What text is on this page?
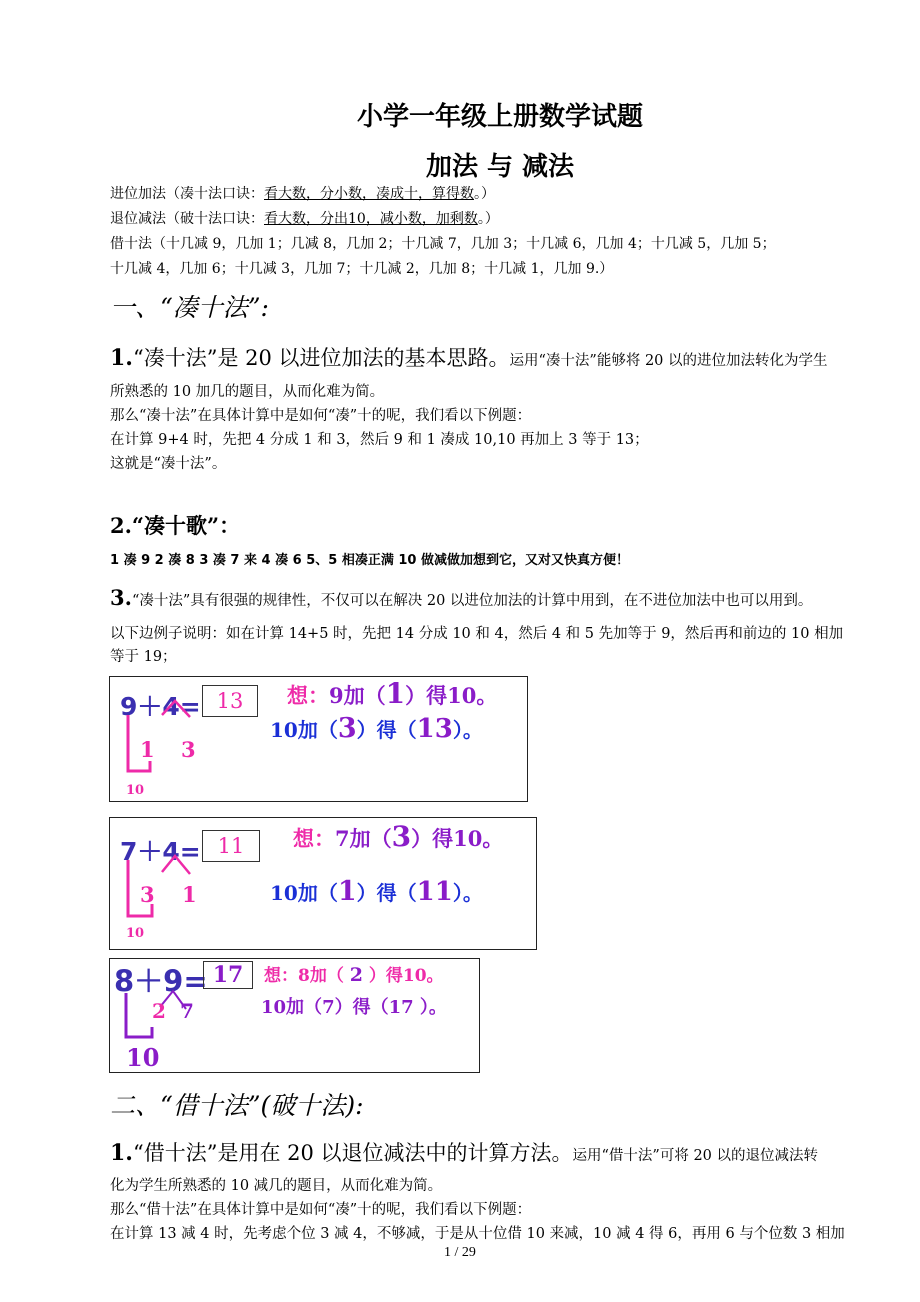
小学一年级上册数学试题
加法 与 减法
进位加法（凑十法口诀：看大数，分小数，凑成十，算得数。）
退位减法（破十法口诀：看大数，分出10，减小数，加剩数。）
借十法（十几减 9，几加 1；几减 8，几加 2；十几减 7，几加 3；十几减 6，几加 4；十几减 5，几加 5；
十几减 4，几加 6；十几减 3，几加 7；十几减 2，几加 8；十几减 1，几加 9.）
一、“凑十法”:
1.“凑十法”是 20 以进位加法的基本思路。运用“凑十法”能够将 20 以的进位加法转化为学生
所熟悉的 10 加几的题目，从而化难为简。
那么“凑十法”在具体计算中是如何“凑”十的呢，我们看以下例题：
在计算 9+4 时，先把 4 分成 1 和 3，然后 9 和 1 凑成 10,10 再加上 3 等于 13；
这就是“凑十法”。
2.“凑十歌”：
1 凑 9 2 凑 8 3 凑 7 来 4 凑 6 5、5 相凑正满 10 做减做加想到它，又对又快真方便！
3.“凑十法”具有很强的规律性，不仅可以在解决 20 以进位加法的计算中用到，在不进位加法中也可以用到。
以下边例子说明：如在计算 14+5 时，先把 14 分成 10 和 4，然后 4 和 5 先加等于 9，然后再和前边的 10 相加
等于 19；
9＋4= 13
1 3
10
想：9加（1）得10。
10加（3）得（13）。
7＋4= 11
3 1
10
想：7加（3）得10。
10加（1）得（11）。
8＋9= 17
2 7
10
想：8加（ 2 ）得10。
10加（7）得（17 ）。
二、“借十法”(破十法):
1.“借十法”是用在 20 以退位减法中的计算方法。运用“借十法”可将 20 以的退位减法转
化为学生所熟悉的 10 减几的题目，从而化难为简。
那么“借十法”在具体计算中是如何“凑”十的呢，我们看以下例题：
在计算 13 减 4 时，先考虑个位 3 减 4，不够减，于是从十位借 10 来减，10 减 4 得 6，再用 6 与个位数 3 相加
1 / 29
